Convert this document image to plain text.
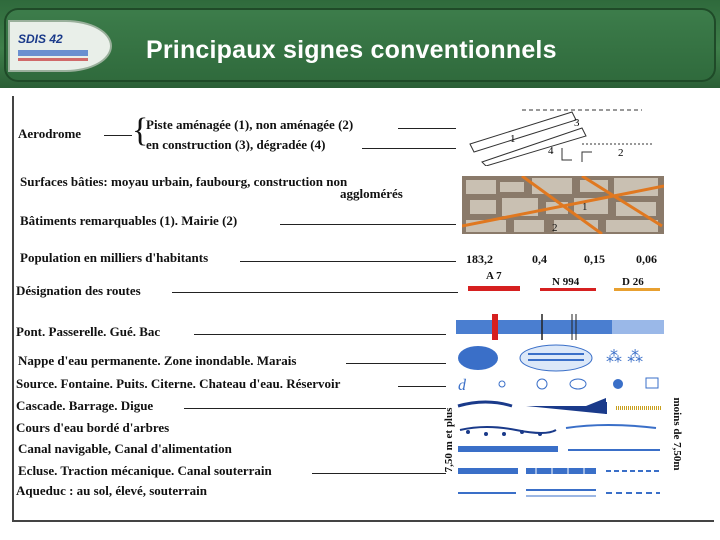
SDIS 42	Principaux signes conventionnels
Aerodrome {
Piste aménagée (1), non aménagée (2)
en construction (3), dégradée (4)	1
2
3
4
Surfaces bâties: moyau urbain, faubourg, construction non
agglomérés
1
2
Bâtiments remarquables (1). Mairie (2)
Population en milliers d'habitants	183,2	0,4	0,15	0,06
Désignation des routes
A 7	N 994	D 26
Pont. Passerelle. Gué. Bac
Nappe d'eau permanente. Zone inondable. Marais	⁂ ⁂
Source. Fontaine. Puits. Citerne. Chateau d'eau. Réservoir	d
Cascade. Barrage. Digue
Cours d'eau bordé d'arbres
Canal navigable, Canal d'alimentation
Ecluse. Traction mécanique. Canal souterrain
Aqueduc : au sol, élevé, souterrain
7,50 m et plus	moins de 7,50m
